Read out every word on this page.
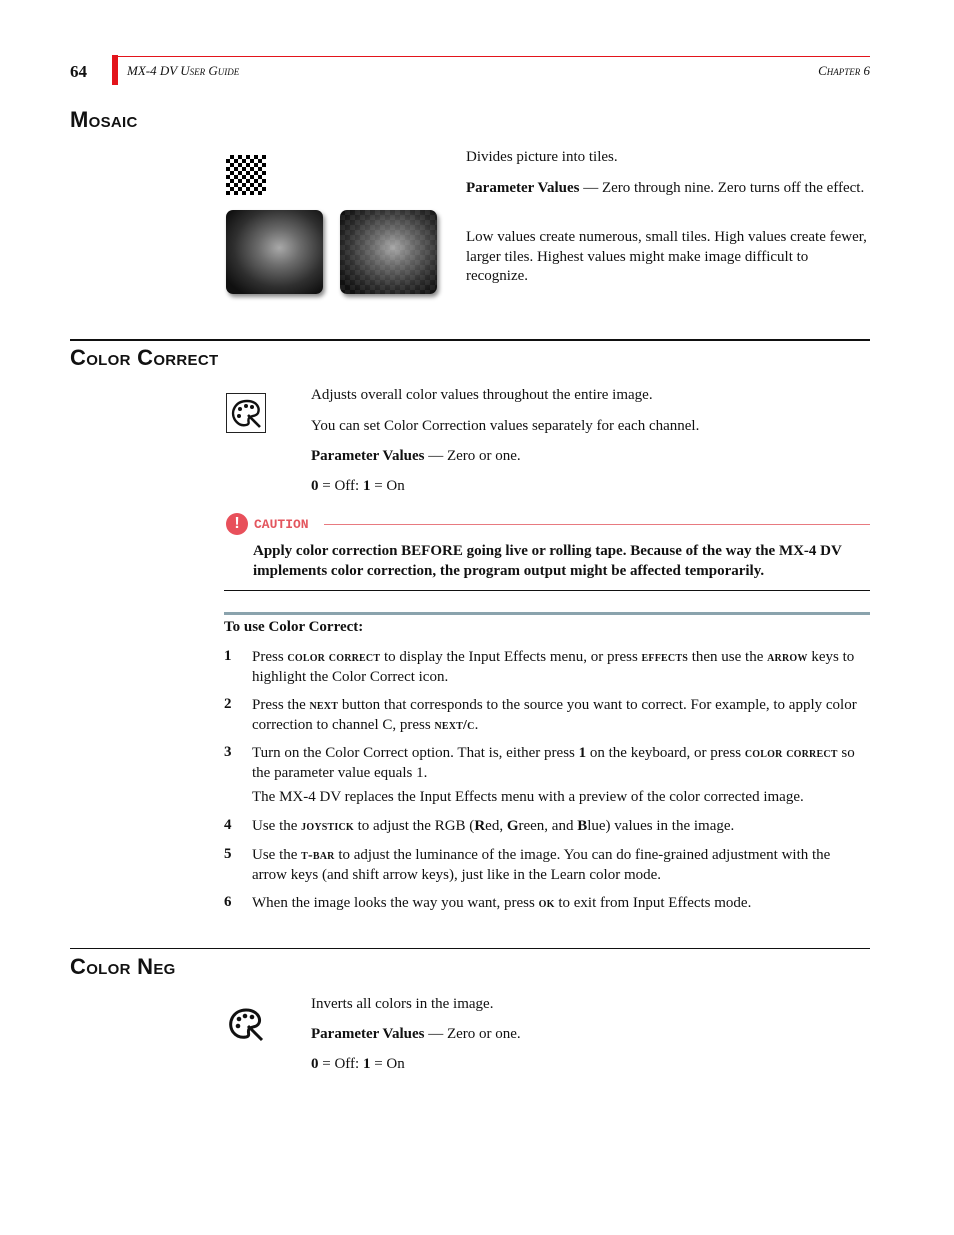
64	MX-4 DV User Guide	Chapter 6
Mosaic
Divides picture into tiles.
Parameter Values — Zero through nine. Zero turns off the effect.
Low values create numerous, small tiles. High values create fewer, larger tiles. Highest values might make image difficult to recognize.
Color Correct
Adjusts overall color values throughout the entire image.
You can set Color Correction values separately for each channel.
Parameter Values — Zero or one.
0 = Off: 1 = On
!	CAUTION
Apply color correction BEFORE going live or rolling tape. Because of the way the MX-4 DV implements color correction, the program output might be affected temporarily.
To use Color Correct:
1 Press color correct to display the Input Effects menu, or press effects then use the arrow keys to highlight the Color Correct icon.
2 Press the next button that corresponds to the source you want to correct. For example, to apply color correction to channel C, press next/c.
3 Turn on the Color Correct option. That is, either press 1 on the keyboard, or press color correct so the parameter value equals 1.
The MX-4 DV replaces the Input Effects menu with a preview of the color corrected image.
4 Use the joystick to adjust the RGB (Red, Green, and Blue) values in the image.
5 Use the t-bar to adjust the luminance of the image. You can do fine-grained adjustment with the arrow keys (and shift arrow keys), just like in the Learn color mode.
6 When the image looks the way you want, press ok to exit from Input Effects mode.
Color Neg
Inverts all colors in the image.
Parameter Values — Zero or one.
0 = Off: 1 = On
